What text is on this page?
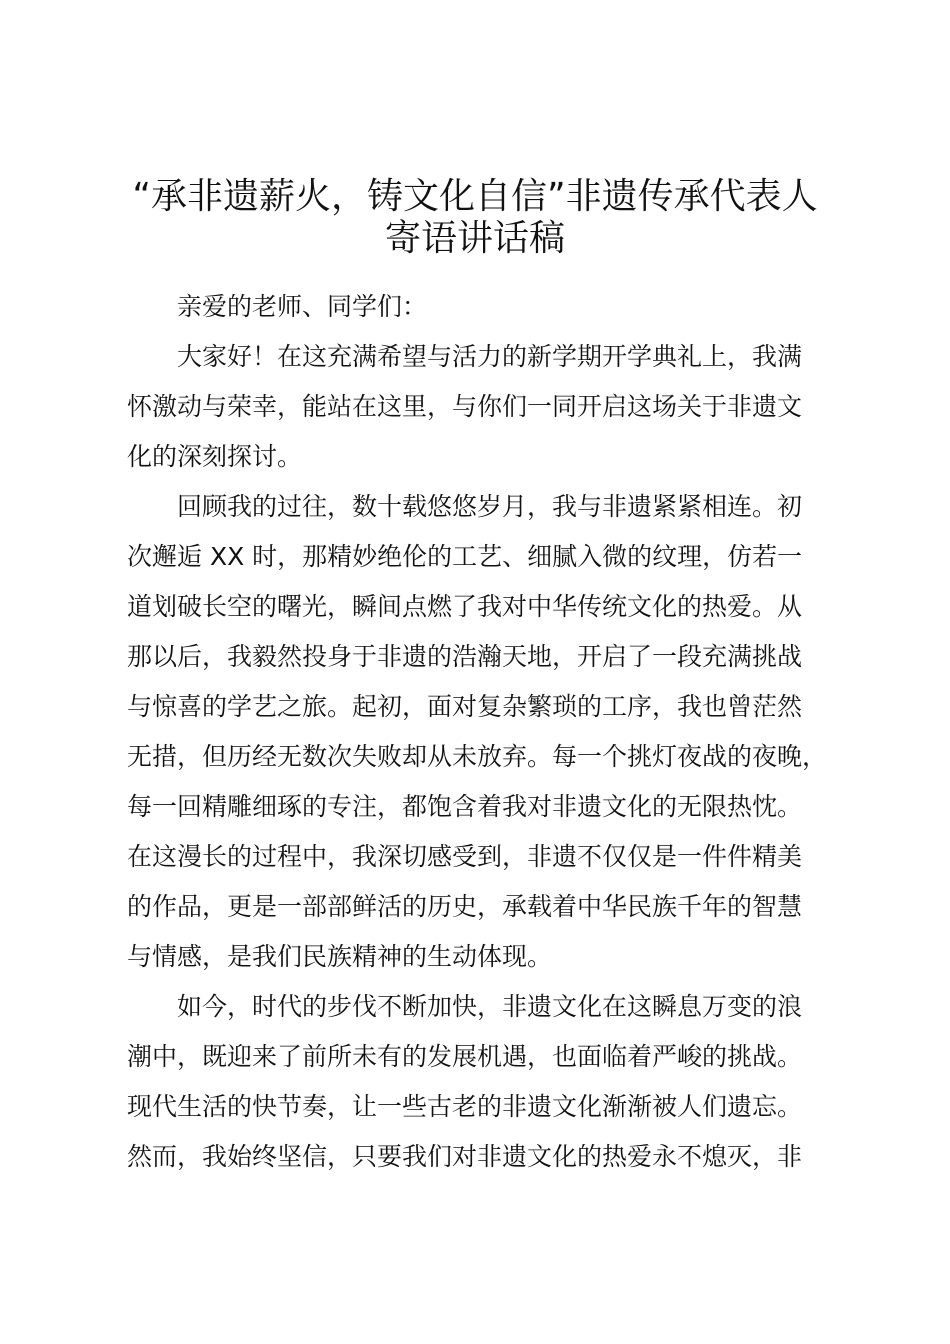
“承非遗薪火，铸文化自信”非遗传承代表人
寄语讲话稿

亲爱的老师、同学们：

大家好！在这充满希望与活力的新学期开学典礼上，我满
怀激动与荣幸，能站在这里，与你们一同开启这场关于非遗文
化的深刻探讨。

回顾我的过往，数十载悠悠岁月，我与非遗紧紧相连。初
次邂逅 XX 时，那精妙绝伦的工艺、细腻入微的纹理，仿若一
道划破长空的曙光，瞬间点燃了我对中华传统文化的热爱。从
那以后，我毅然投身于非遗的浩瀚天地，开启了一段充满挑战
与惊喜的学艺之旅。起初，面对复杂繁琐的工序，我也曾茫然
无措，但历经无数次失败却从未放弃。每一个挑灯夜战的夜晚，
每一回精雕细琢的专注，都饱含着我对非遗文化的无限热忱。
在这漫长的过程中，我深切感受到，非遗不仅仅是一件件精美
的作品，更是一部部鲜活的历史，承载着中华民族千年的智慧
与情感，是我们民族精神的生动体现。

如今，时代的步伐不断加快，非遗文化在这瞬息万变的浪
潮中，既迎来了前所未有的发展机遇，也面临着严峻的挑战。
现代生活的快节奏，让一些古老的非遗文化渐渐被人们遗忘。
然而，我始终坚信，只要我们对非遗文化的热爱永不熄灭，非
